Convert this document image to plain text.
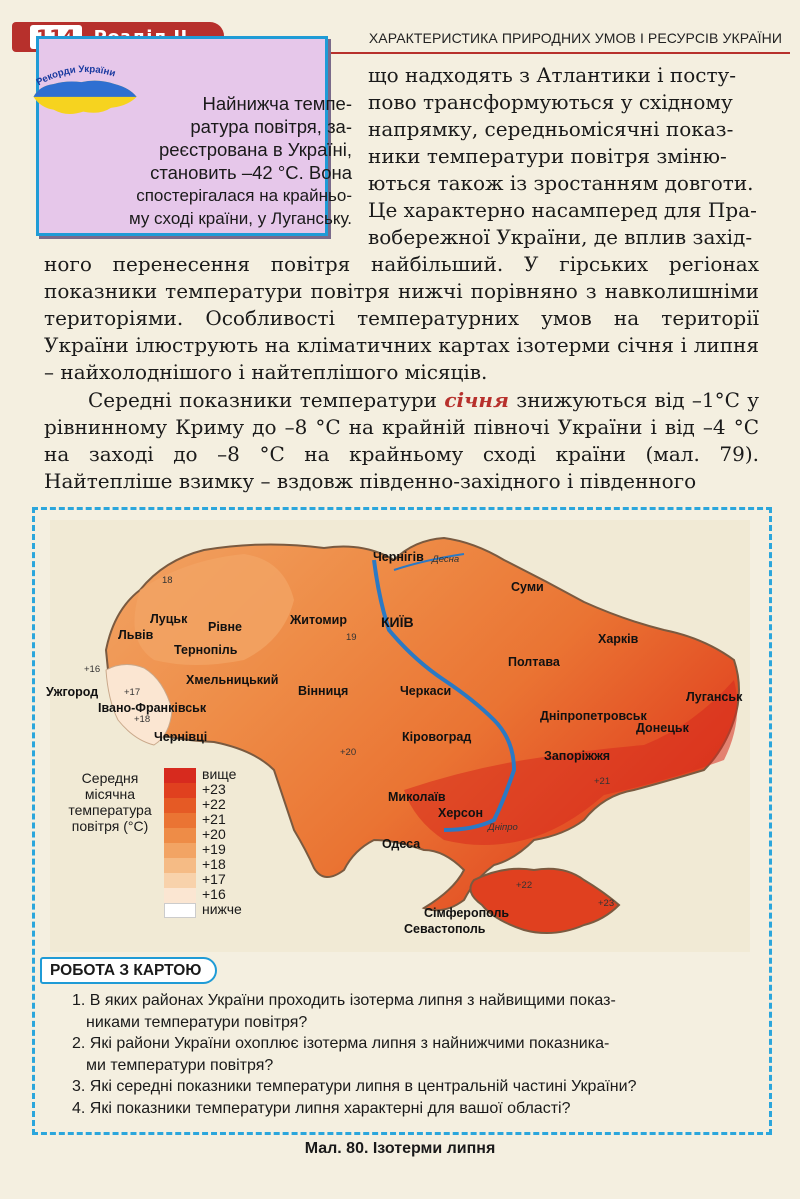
ХАРАКТЕРИСТИКА ПРИРОДНИХ УМОВ І РЕСУРСІВ УКРАЇНИ
Рекорди України
Найнижча темпе-
ратура повітря, за-
реєстрована в Україні,
становить –42 °С. Вона
спостерігалася на крайньо-
му сході країни, у Луганську.
що надходять з Атлантики і посту-
пово трансформуються у східному
напрямку, середньомісячні показ-
ники температури повітря зміню-
ються також із зростанням довготи.
Це характерно насамперед для Пра-
вобережної України, де вплив захід-
ного перенесення повітря найбільший. У гірських регіонах показники температури повітря нижчі порівняно з навколишніми територіями. Особливості температурних умов на території України ілюструють на кліматичних картах ізотерми січня і липня – найхолоднішого і найтеплішого місяців.
Середні показники температури січня знижуються від –1°С у рівнинному Криму до –8 °С на крайній півночі України і від –4 °С на заході до –8 °С на крайньому сході країни (мал. 79). Найтепліше взимку – вздовж південно-західного і південного
Чернігів
Суми
Луцьк
Рівне	Житомир КИЇВ
Львів
Тернопіль
Харків
Полтава
Хмельницький
Вінниця	Черкаси
Ужгород	Луганськ
Івано-Франківськ
Дніпропетровськ
Донецьк
Чернівці	Кіровоград
Запоріжжя
Миколаїв
Херсон
Одеса
Сімферополь
Севастополь
Десна
Дніпро
18
19
+16
+17
+18
+20
+21
+22
+23
Середня місячна температура повітря (°С)
вище
+23
+22
+21
+20
+19
+18
+17
+16
нижче
РОБОТА З КАРТОЮ
1. В яких районах України проходить ізотерма липня з найвищими показ-
никами температури повітря?
2. Які райони України охоплює ізотерма липня з найнижчими показника-
ми температури повітря?
3. Які середні показники температури липня в центральній частині України?
4. Які показники температури липня характерні для вашої області?
Мал. 80. Ізотерми липня
